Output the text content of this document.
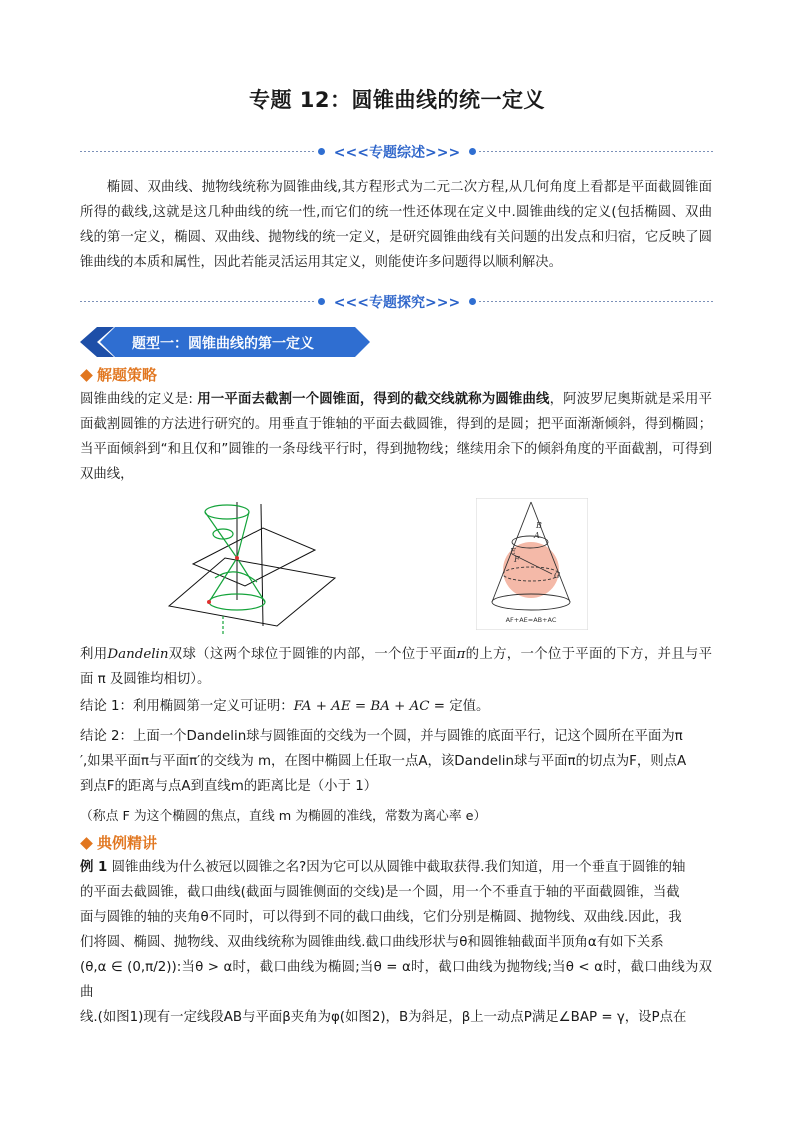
专题 12：圆锥曲线的统一定义
<<<专题综述>>>
椭圆、双曲线、抛物线统称为圆锥曲线,其方程形式为二元二次方程,从几何角度上看都是平面截圆锥面所得的截线,这就是这几种曲线的统一性,而它们的统一性还体现在定义中.圆锥曲线的定义(包括椭圆、双曲线的第一定义，椭圆、双曲线、抛物线的统一定义，是研究圆锥曲线有关问题的出发点和归宿，它反映了圆锥曲线的本质和属性，因此若能灵活运用其定义，则能使许多问题得以顺利解决。
<<<专题探究>>>
题型一：圆锥曲线的第一定义
解题策略
圆锥曲线的定义是: 用一平面去截割一个圆锥面，得到的截交线就称为圆锥曲线，阿波罗尼奥斯就是采用平面截割圆锥的方法进行研究的。用垂直于锥轴的平面去截圆锥，得到的是圆；把平面渐渐倾斜，得到椭圆；当平面倾斜到“和且仅和”圆锥的一条母线平行时，得到抛物线；继续用余下的倾斜角度的平面截割，可得到双曲线，
B
A
E
F
C
AF+AE=AB+AC
利用Dandelin双球（这两个球位于圆锥的内部，一个位于平面π的上方，一个位于平面的下方，并且与平面 π 及圆锥均相切）。
结论 1：利用椭圆第一定义可证明：FA + AE = BA + AC = 定值。
结论 2：上面一个Dandelin球与圆锥面的交线为一个圆，并与圆锥的底面平行，记这个圆所在平面为π
′,如果平面π与平面π′的交线为 m，在图中椭圆上任取一点A，该Dandelin球与平面π的切点为F，则点A
到点F的距离与点A到直线m的距离比是（小于 1）
（称点 F 为这个椭圆的焦点，直线 m 为椭圆的准线，常数为离心率 e）
典例精讲
例 1 圆锥曲线为什么被冠以圆锥之名?因为它可以从圆锥中截取获得.我们知道，用一个垂直于圆锥的轴
的平面去截圆锥，截口曲线(截面与圆锥侧面的交线)是一个圆，用一个不垂直于轴的平面截圆锥，当截
面与圆锥的轴的夹角θ不同时，可以得到不同的截口曲线，它们分别是椭圆、抛物线、双曲线.因此，我
们将圆、椭圆、抛物线、双曲线统称为圆锥曲线.截口曲线形状与θ和圆锥轴截面半顶角α有如下关系
(θ,α ∈ (0,π/2)):当θ > α时，截口曲线为椭圆;当θ = α时，截口曲线为抛物线;当θ < α时，截口曲线为双曲
线.(如图1)现有一定线段AB与平面β夹角为φ(如图2)，B为斜足，β上一动点P满足∠BAP = γ，设P点在
